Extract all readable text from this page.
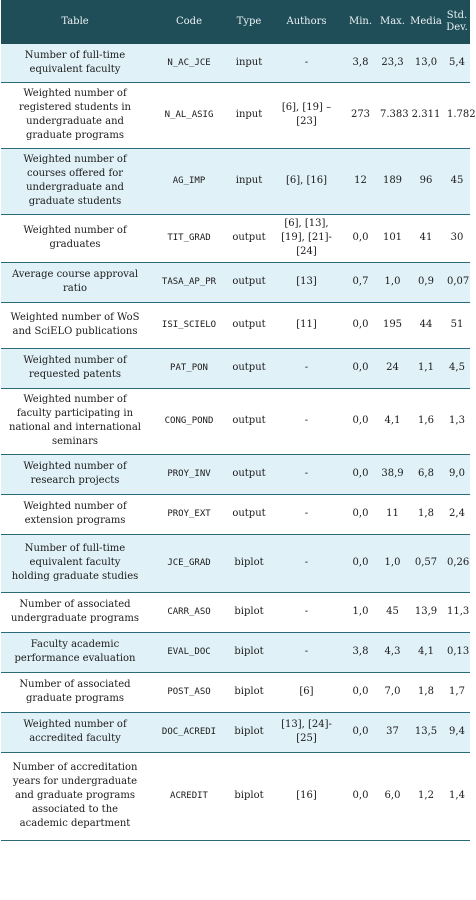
Table	Code	Type	Authors	Min.	Max.	Media	Std. Dev.
Number of full-time equivalent faculty	N_AC_JCE	input	-	3,8	23,3	13,0	5,4
Weighted number of registered students in undergraduate and graduate programs	N_AL_ASIG	input	[6], [19] – [23]	273	7.383	2.311	1.782
Weighted number of courses offered for undergraduate and graduate students	AG_IMP	input	[6], [16]	12	189	96	45
Weighted number of graduates	TIT_GRAD	output	[6], [13], [19], [21]-[24]	0,0	101	41	30
Average course approval ratio	TASA_AP_PR	output	[13]	0,7	1,0	0,9	0,07
Weighted number of WoS and SciELO publications	ISI_SCIELO	output	[11]	0,0	195	44	51
Weighted number of requested patents	PAT_PON	output	-	0,0	24	1,1	4,5
Weighted number of faculty participating in national and international seminars	CONG_POND	output	-	0,0	4,1	1,6	1,3
Weighted number of research projects	PROY_INV	output	-	0,0	38,9	6,8	9,0
Weighted number of extension programs	PROY_EXT	output	-	0,0	11	1,8	2,4
Number of full-time equivalent faculty holding graduate studies	JCE_GRAD	biplot	-	0,0	1,0	0,57	0,26
Number of associated undergraduate programs	CARR_ASO	biplot	-	1,0	45	13,9	11,3
Faculty academic performance evaluation	EVAL_DOC	biplot	-	3,8	4,3	4,1	0,13
Number of associated graduate programs	POST_ASO	biplot	[6]	0,0	7,0	1,8	1,7
Weighted number of accredited faculty	DOC_ACREDI	biplot	[13], [24]-[25]	0,0	37	13,5	9,4
Number of accreditation years for undergraduate and graduate programs associated to the academic department	ACREDIT	biplot	[16]	0,0	6,0	1,2	1,4
